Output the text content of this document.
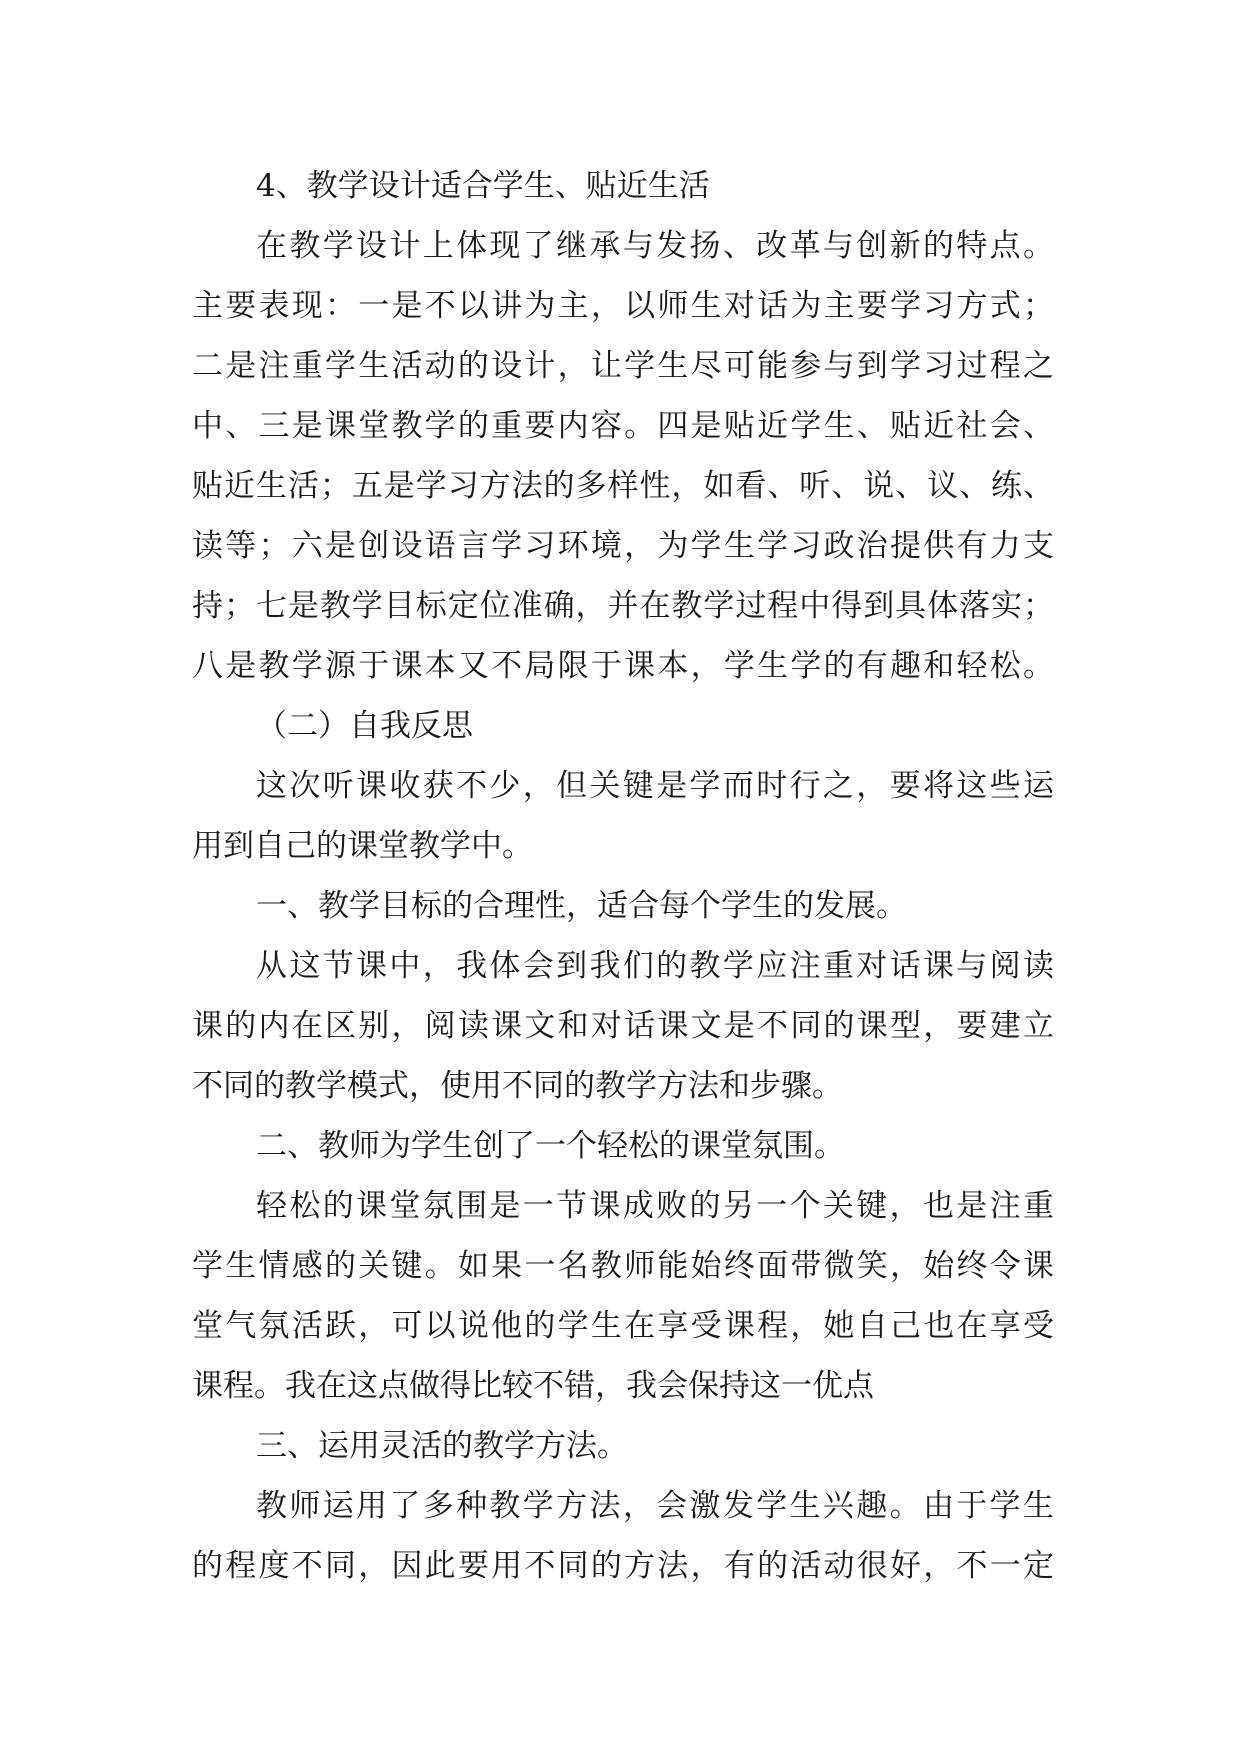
4、教学设计适合学生、贴近生活
在教学设计上体现了继承与发扬、改革与创新的特点。
主要表现：一是不以讲为主，以师生对话为主要学习方式；
二是注重学生活动的设计，让学生尽可能参与到学习过程之
中、三是课堂教学的重要内容。四是贴近学生、贴近社会、
贴近生活；五是学习方法的多样性，如看、听、说、议、练、
读等；六是创设语言学习环境，为学生学习政治提供有力支
持；七是教学目标定位准确，并在教学过程中得到具体落实；
八是教学源于课本又不局限于课本，学生学的有趣和轻松。
（二）自我反思
这次听课收获不少，但关键是学而时行之，要将这些运
用到自己的课堂教学中。
一、教学目标的合理性，适合每个学生的发展。
从这节课中，我体会到我们的教学应注重对话课与阅读
课的内在区别，阅读课文和对话课文是不同的课型，要建立
不同的教学模式，使用不同的教学方法和步骤。
二、教师为学生创了一个轻松的课堂氛围。
轻松的课堂氛围是一节课成败的另一个关键，也是注重
学生情感的关键。如果一名教师能始终面带微笑，始终令课
堂气氛活跃，可以说他的学生在享受课程，她自己也在享受
课程。我在这点做得比较不错，我会保持这一优点
三、运用灵活的教学方法。
教师运用了多种教学方法，会激发学生兴趣。由于学生
的程度不同，因此要用不同的方法，有的活动很好，不一定
